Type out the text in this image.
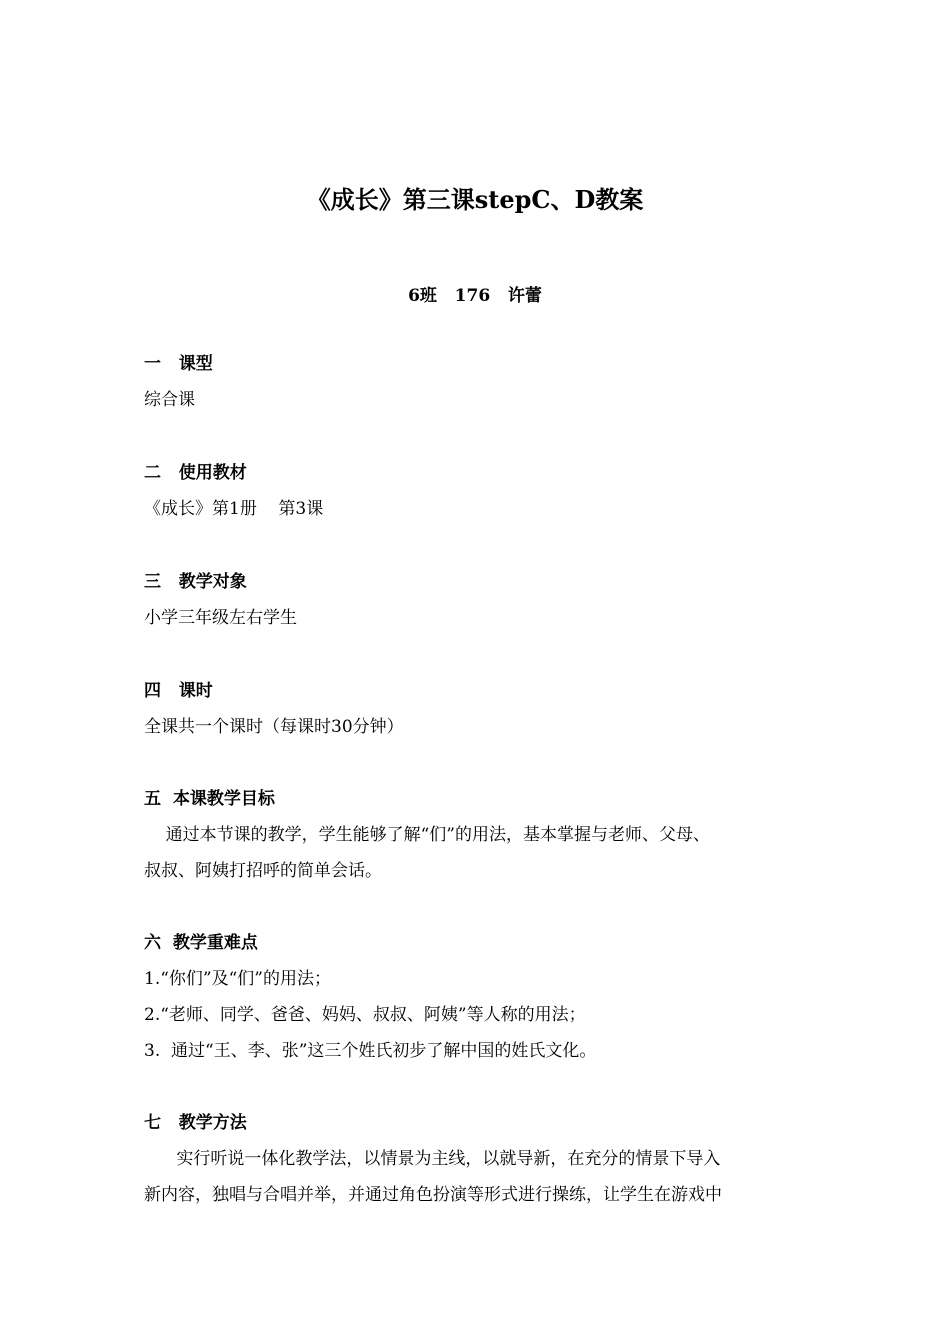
《成长》第三课stepC、D教案
6班   176   许蕾
一   课型
综合课
二   使用教材
《成长》第1册    第3课
三   教学对象
小学三年级左右学生
四   课时
全课共一个课时（每课时30分钟）
五  本课教学目标
通过本节课的教学，学生能够了解“们”的用法，基本掌握与老师、父母、
叔叔、阿姨打招呼的简单会话。
六  教学重难点
1.“你们”及“们”的用法；
2.“老师、同学、爸爸、妈妈、叔叔、阿姨”等人称的用法；
3.  通过“王、李、张”这三个姓氏初步了解中国的姓氏文化。
七   教学方法
实行听说一体化教学法，以情景为主线，以就导新，在充分的情景下导入
新内容，独唱与合唱并举，并通过角色扮演等形式进行操练，让学生在游戏中
